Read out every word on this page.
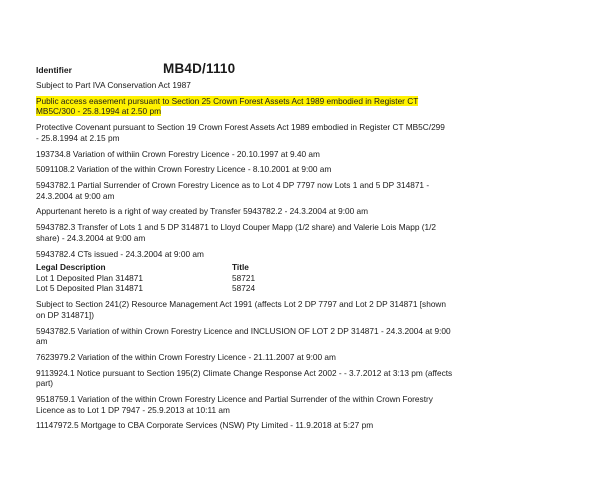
Identifier	MB4D/1110

Subject to Part IVA Conservation Act 1987

Public access easement pursuant to Section 25 Crown Forest Assets Act 1989 embodied in Register CT
MB5C/300 - 25.8.1994 at 2.50 pm
Protective Covenant pursuant to Section 19 Crown Forest Assets Act 1989 embodied in Register CT MB5C/299
- 25.8.1994 at 2.15 pm
193734.8 Variation of withiin Crown Forestry Licence - 20.10.1997 at 9.40 am
5091108.2 Variation of the within Crown Forestry Licence - 8.10.2001 at 9:00 am
5943782.1 Partial Surrender of Crown Forestry Licence as to Lot 4 DP 7797 now Lots 1 and 5 DP 314871 -
24.3.2004 at 9:00 am
Appurtenant hereto is a right of way created by Transfer 5943782.2 - 24.3.2004 at 9:00 am
5943782.3 Transfer of Lots 1 and 5 DP 314871 to Lloyd Couper Mapp (1/2 share) and Valerie Lois Mapp (1/2
share) - 24.3.2004 at 9:00 am
5943782.4 CTs issued - 24.3.2004 at 9:00 am
Legal Description	Title
Lot 1 Deposited Plan 314871	58721
Lot 5 Deposited Plan 314871	58724
Subject to Section 241(2) Resource Management Act 1991 (affects Lot 2 DP 7797 and Lot 2 DP 314871 [shown
on DP 314871])
5943782.5 Variation of within Crown Forestry Licence and INCLUSION OF LOT 2 DP 314871 - 24.3.2004 at 9:00
am
7623979.2 Variation of the within Crown Forestry Licence - 21.11.2007 at 9:00 am
9113924.1 Notice pursuant to Section 195(2) Climate Change Response Act 2002 - - 3.7.2012 at 3:13 pm (affects
part)
9518759.1 Variation of the within Crown Forestry Licence and Partial Surrender of the within Crown Forestry
Licence as to Lot 1 DP 7947 - 25.9.2013 at 10:11 am
11147972.5 Mortgage to CBA Corporate Services (NSW) Pty Limited - 11.9.2018 at 5:27 pm
